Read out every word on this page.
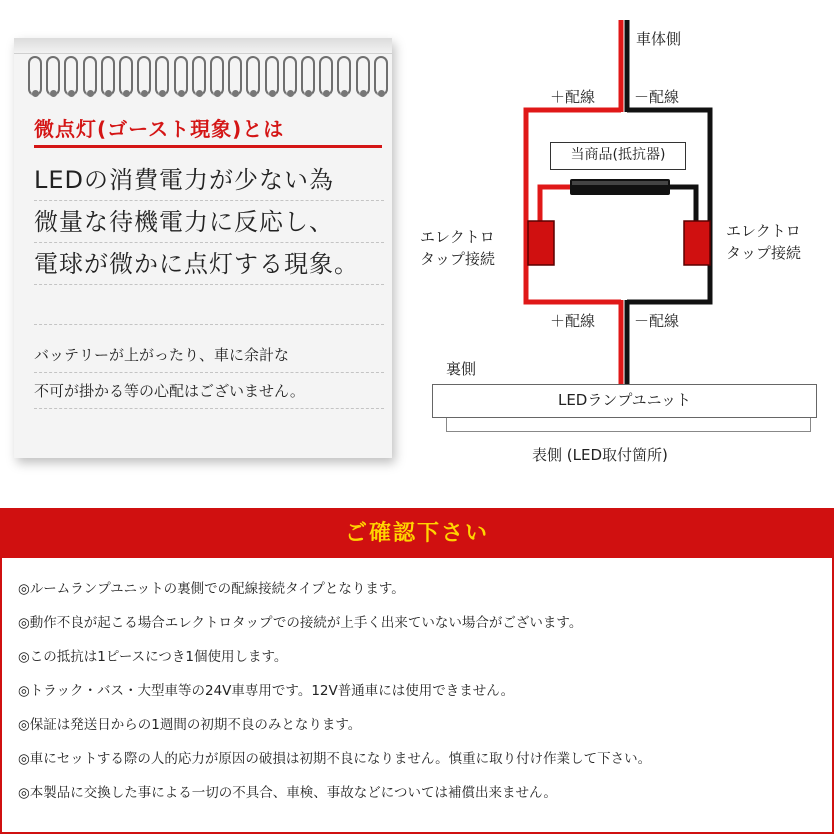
微点灯(ゴースト現象)とは
LEDの消費電力が少ない為
微量な待機電力に反応し、
電球が微かに点灯する現象。
バッテリーが上がったり、車に余計な
不可が掛かる等の心配はございません。
車体側
＋配線	－配線
当商品(抵抗器)
エレクトロ
タップ接続
エレクトロ
タップ接続
＋配線	－配線
裏側
LEDランプユニット
表側 (LED取付箇所)
ご確認下さい
◎ルームランプユニットの裏側での配線接続タイプとなります。
◎動作不良が起こる場合エレクトロタップでの接続が上手く出来ていない場合がございます。
◎この抵抗は1ピースにつき1個使用します。
◎トラック・バス・大型車等の24V車専用です。12V普通車には使用できません。
◎保証は発送日からの1週間の初期不良のみとなります。
◎車にセットする際の人的応力が原因の破損は初期不良になりません。慎重に取り付け作業して下さい。
◎本製品に交換した事による一切の不具合、車検、事故などについては補償出来ません。
